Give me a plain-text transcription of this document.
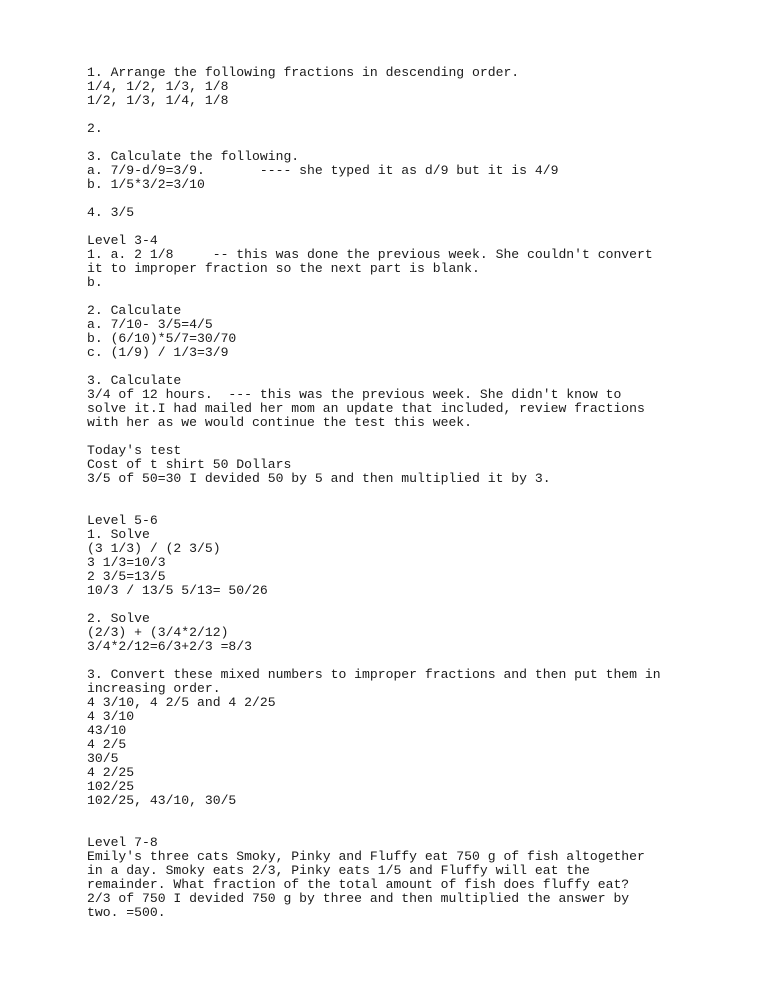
1. Arrange the following fractions in descending order.
1/4, 1/2, 1/3, 1/8
1/2, 1/3, 1/4, 1/8
2.
3. Calculate the following.
a. 7/9-d/9=3/9.       ---- she typed it as d/9 but it is 4/9
b. 1/5*3/2=3/10
4. 3/5
Level 3-4
1. a. 2 1/8     -- this was done the previous week. She couldn't convert
it to improper fraction so the next part is blank.
b.
2. Calculate
a. 7/10- 3/5=4/5
b. (6/10)*5/7=30/70
c. (1/9) / 1/3=3/9
3. Calculate
3/4 of 12 hours.  --- this was the previous week. She didn't know to
solve it.I had mailed her mom an update that included, review fractions
with her as we would continue the test this week.
Today's test
Cost of t shirt 50 Dollars
3/5 of 50=30 I devided 50 by 5 and then multiplied it by 3.
Level 5-6
1. Solve
(3 1/3) / (2 3/5)
3 1/3=10/3
2 3/5=13/5
10/3 / 13/5 5/13= 50/26
2. Solve
(2/3) + (3/4*2/12)
3/4*2/12=6/3+2/3 =8/3
3. Convert these mixed numbers to improper fractions and then put them in
increasing order.
4 3/10, 4 2/5 and 4 2/25
4 3/10
43/10
4 2/5
30/5
4 2/25
102/25
102/25, 43/10, 30/5
Level 7-8
Emily's three cats Smoky, Pinky and Fluffy eat 750 g of fish altogether
in a day. Smoky eats 2/3, Pinky eats 1/5 and Fluffy will eat the
remainder. What fraction of the total amount of fish does fluffy eat?
2/3 of 750 I devided 750 g by three and then multiplied the answer by
two. =500.
